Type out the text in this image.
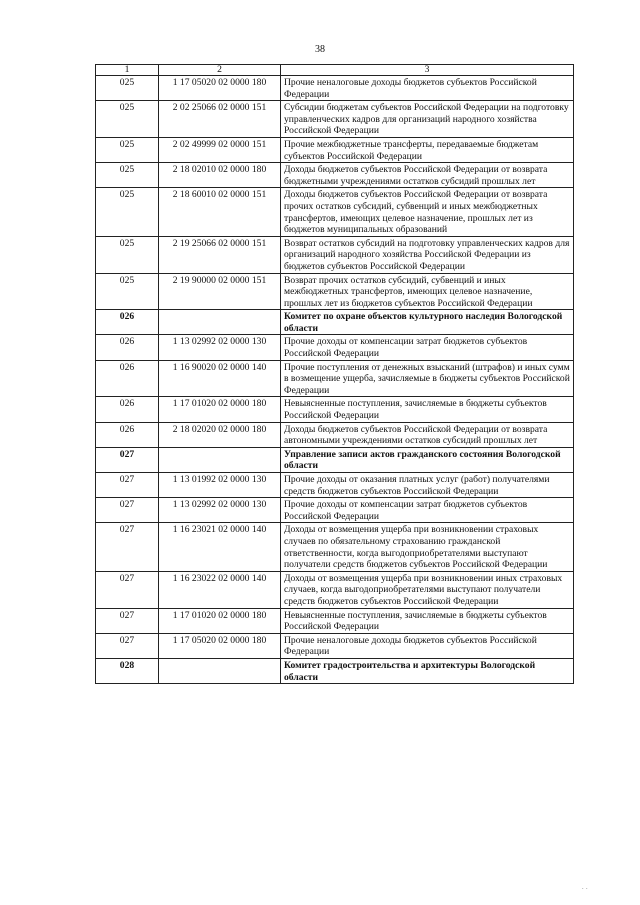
38
1	2	3
025	1 17 05020 02 0000 180	Прочие неналоговые доходы бюджетов субъектов Российской Федерации
025	2 02 25066 02 0000 151	Субсидии бюджетам субъектов Российской Федерации на подготовку управленческих кадров для организаций народного хозяйства Российской Федерации
025	2 02 49999 02 0000 151	Прочие межбюджетные трансферты, передаваемые бюджетам субъектов Российской Федерации
025	2 18 02010 02 0000 180	Доходы бюджетов субъектов Российской Федерации от возврата бюджетными учреждениями остатков субсидий прошлых лет
025	2 18 60010 02 0000 151	Доходы бюджетов субъектов Российской Федерации от возврата прочих остатков субсидий, субвенций и иных межбюджетных трансфертов, имеющих целевое назначение, прошлых лет из бюджетов муниципальных образований
025	2 19 25066 02 0000 151	Возврат остатков субсидий на подготовку управленческих кадров для организаций народного хозяйства Российской Федерации из бюджетов субъектов Российской Федерации
025	2 19 90000 02 0000 151	Возврат прочих остатков субсидий, субвенций и иных межбюджетных трансфертов, имеющих целевое назначение, прошлых лет из бюджетов субъектов Российской Федерации
026		Комитет по охране объектов культурного наследия Вологодской области
026	1 13 02992 02 0000 130	Прочие доходы от компенсации затрат бюджетов субъектов Российской Федерации
026	1 16 90020 02 0000 140	Прочие поступления от денежных взысканий (штрафов) и иных сумм в возмещение ущерба, зачисляемые в бюджеты субъектов Российской Федерации
026	1 17 01020 02 0000 180	Невыясненные поступления, зачисляемые в бюджеты субъектов Российской Федерации
026	2 18 02020 02 0000 180	Доходы бюджетов субъектов Российской Федерации от возврата автономными учреждениями остатков субсидий прошлых лет
027		Управление записи актов гражданского состояния Вологодской области
027	1 13 01992 02 0000 130	Прочие доходы от оказания платных услуг (работ) получателями средств бюджетов субъектов Российской Федерации
027	1 13 02992 02 0000 130	Прочие доходы от компенсации затрат бюджетов субъектов Российской Федерации
027	1 16 23021 02 0000 140	Доходы от возмещения ущерба при возникновении страховых случаев по обязательному страхованию гражданской ответственности, когда выгодоприобретателями выступают получатели средств бюджетов субъектов Российской Федерации
027	1 16 23022 02 0000 140	Доходы от возмещения ущерба при возникновении иных страховых случаев, когда выгодоприобретателями выступают получатели средств бюджетов субъектов Российской Федерации
027	1 17 01020 02 0000 180	Невыясненные поступления, зачисляемые в бюджеты субъектов Российской Федерации
027	1 17 05020 02 0000 180	Прочие неналоговые доходы бюджетов субъектов Российской Федерации
028		Комитет градостроительства и архитектуры Вологодской области
· ·
